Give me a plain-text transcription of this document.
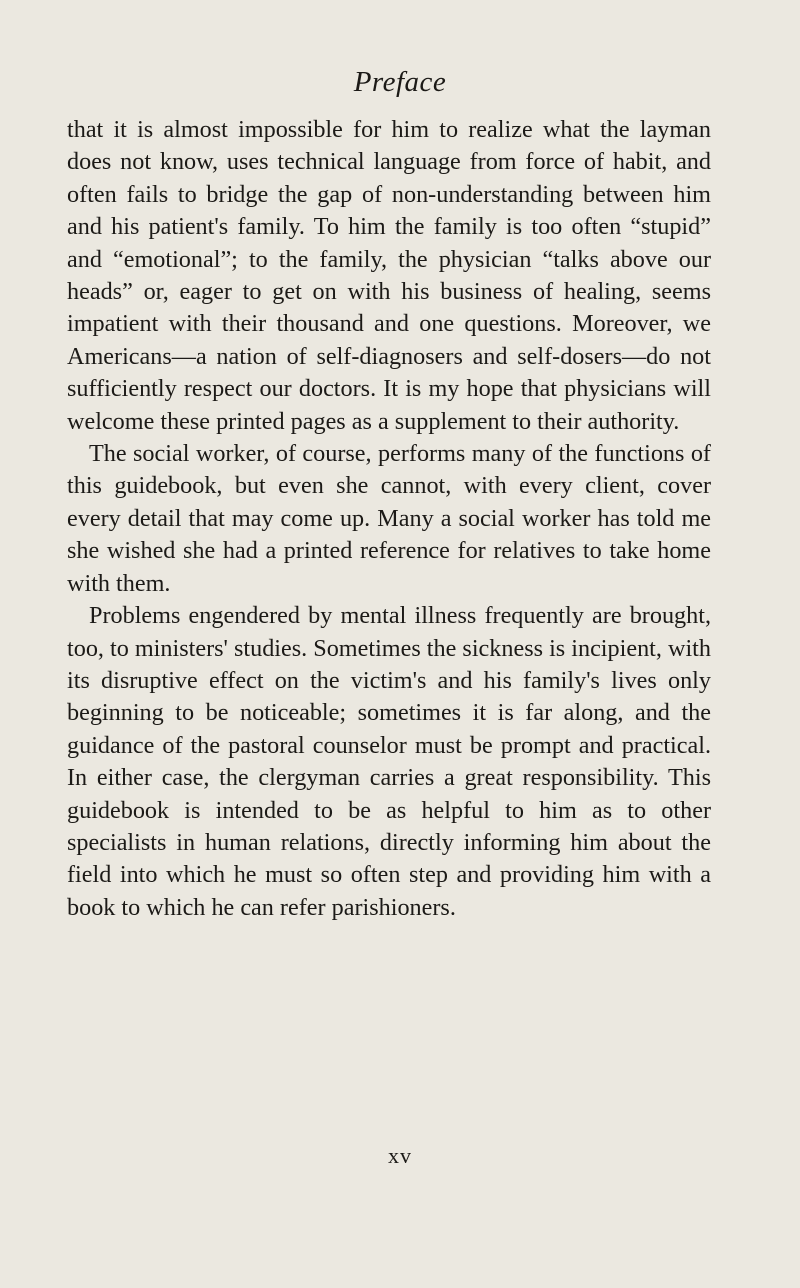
Preface

that it is almost impossible for him to realize what the layman does not know, uses technical language from force of habit, and often fails to bridge the gap of non-understanding between him and his patient's family. To him the family is too often “stupid” and “emotional”; to the family, the physician “talks above our heads” or, eager to get on with his business of healing, seems impatient with their thousand and one questions. Moreover, we Americans—a nation of self-diagnosers and self-dosers—do not sufficiently respect our doctors. It is my hope that physicians will welcome these printed pages as a supplement to their authority.

The social worker, of course, performs many of the functions of this guidebook, but even she cannot, with every client, cover every detail that may come up. Many a social worker has told me she wished she had a printed reference for relatives to take home with them.

Problems engendered by mental illness frequently are brought, too, to ministers' studies. Sometimes the sickness is incipient, with its disruptive effect on the victim's and his family's lives only beginning to be noticeable; sometimes it is far along, and the guidance of the pastoral counselor must be prompt and practical. In either case, the clergyman carries a great responsibility. This guidebook is intended to be as helpful to him as to other specialists in human relations, directly informing him about the field into which he must so often step and providing him with a book to which he can refer parishioners.

xv
